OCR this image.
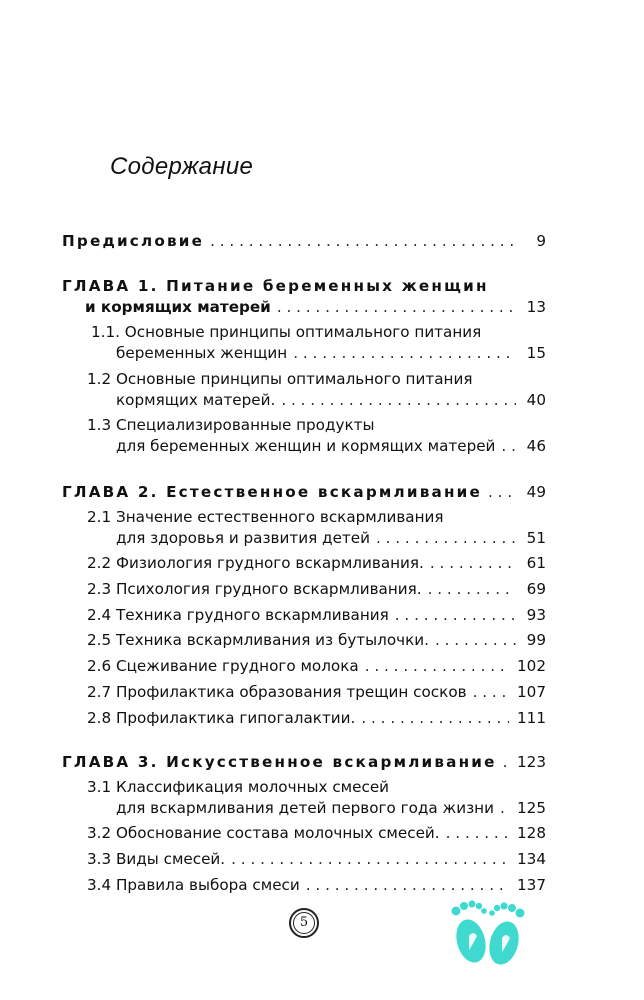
Содержание
Предисловие . . .	9
ГЛАВА 1. Питание беременных женщин
и кормящих матерей . . .	13
1.1. Основные принципы оптимального питания
беременных женщин . . .	15
1.2 Основные принципы оптимального питания
кормящих матерей. . . .	40
1.3 Специализированные продукты
для беременных женщин и кормящих матерей . . .	46
ГЛАВА 2. Естественное вскармливание . . .	49
2.1 Значение естественного вскармливания
для здоровья и развития детей . . .	51
2.2 Физиология грудного вскармливания. . . .	61
2.3 Психология грудного вскармливания. . . .	69
2.4 Техника грудного вскармливания . . .	93
2.5 Техника вскармливания из бутылочки. . . .	99
2.6 Сцеживание грудного молока . . .	102
2.7 Профилактика образования трещин сосков . . .	107
2.8 Профилактика гипогалактии. . . .	111
ГЛАВА 3. Искусственное вскармливание . . .	123
3.1 Классификация молочных смесей
для вскармливания детей первого года жизни . . .	125
3.2 Обоснование состава молочных смесей. . . .	128
3.3 Виды смесей. . . .	134
3.4 Правила выбора смеси . . .	137
5
